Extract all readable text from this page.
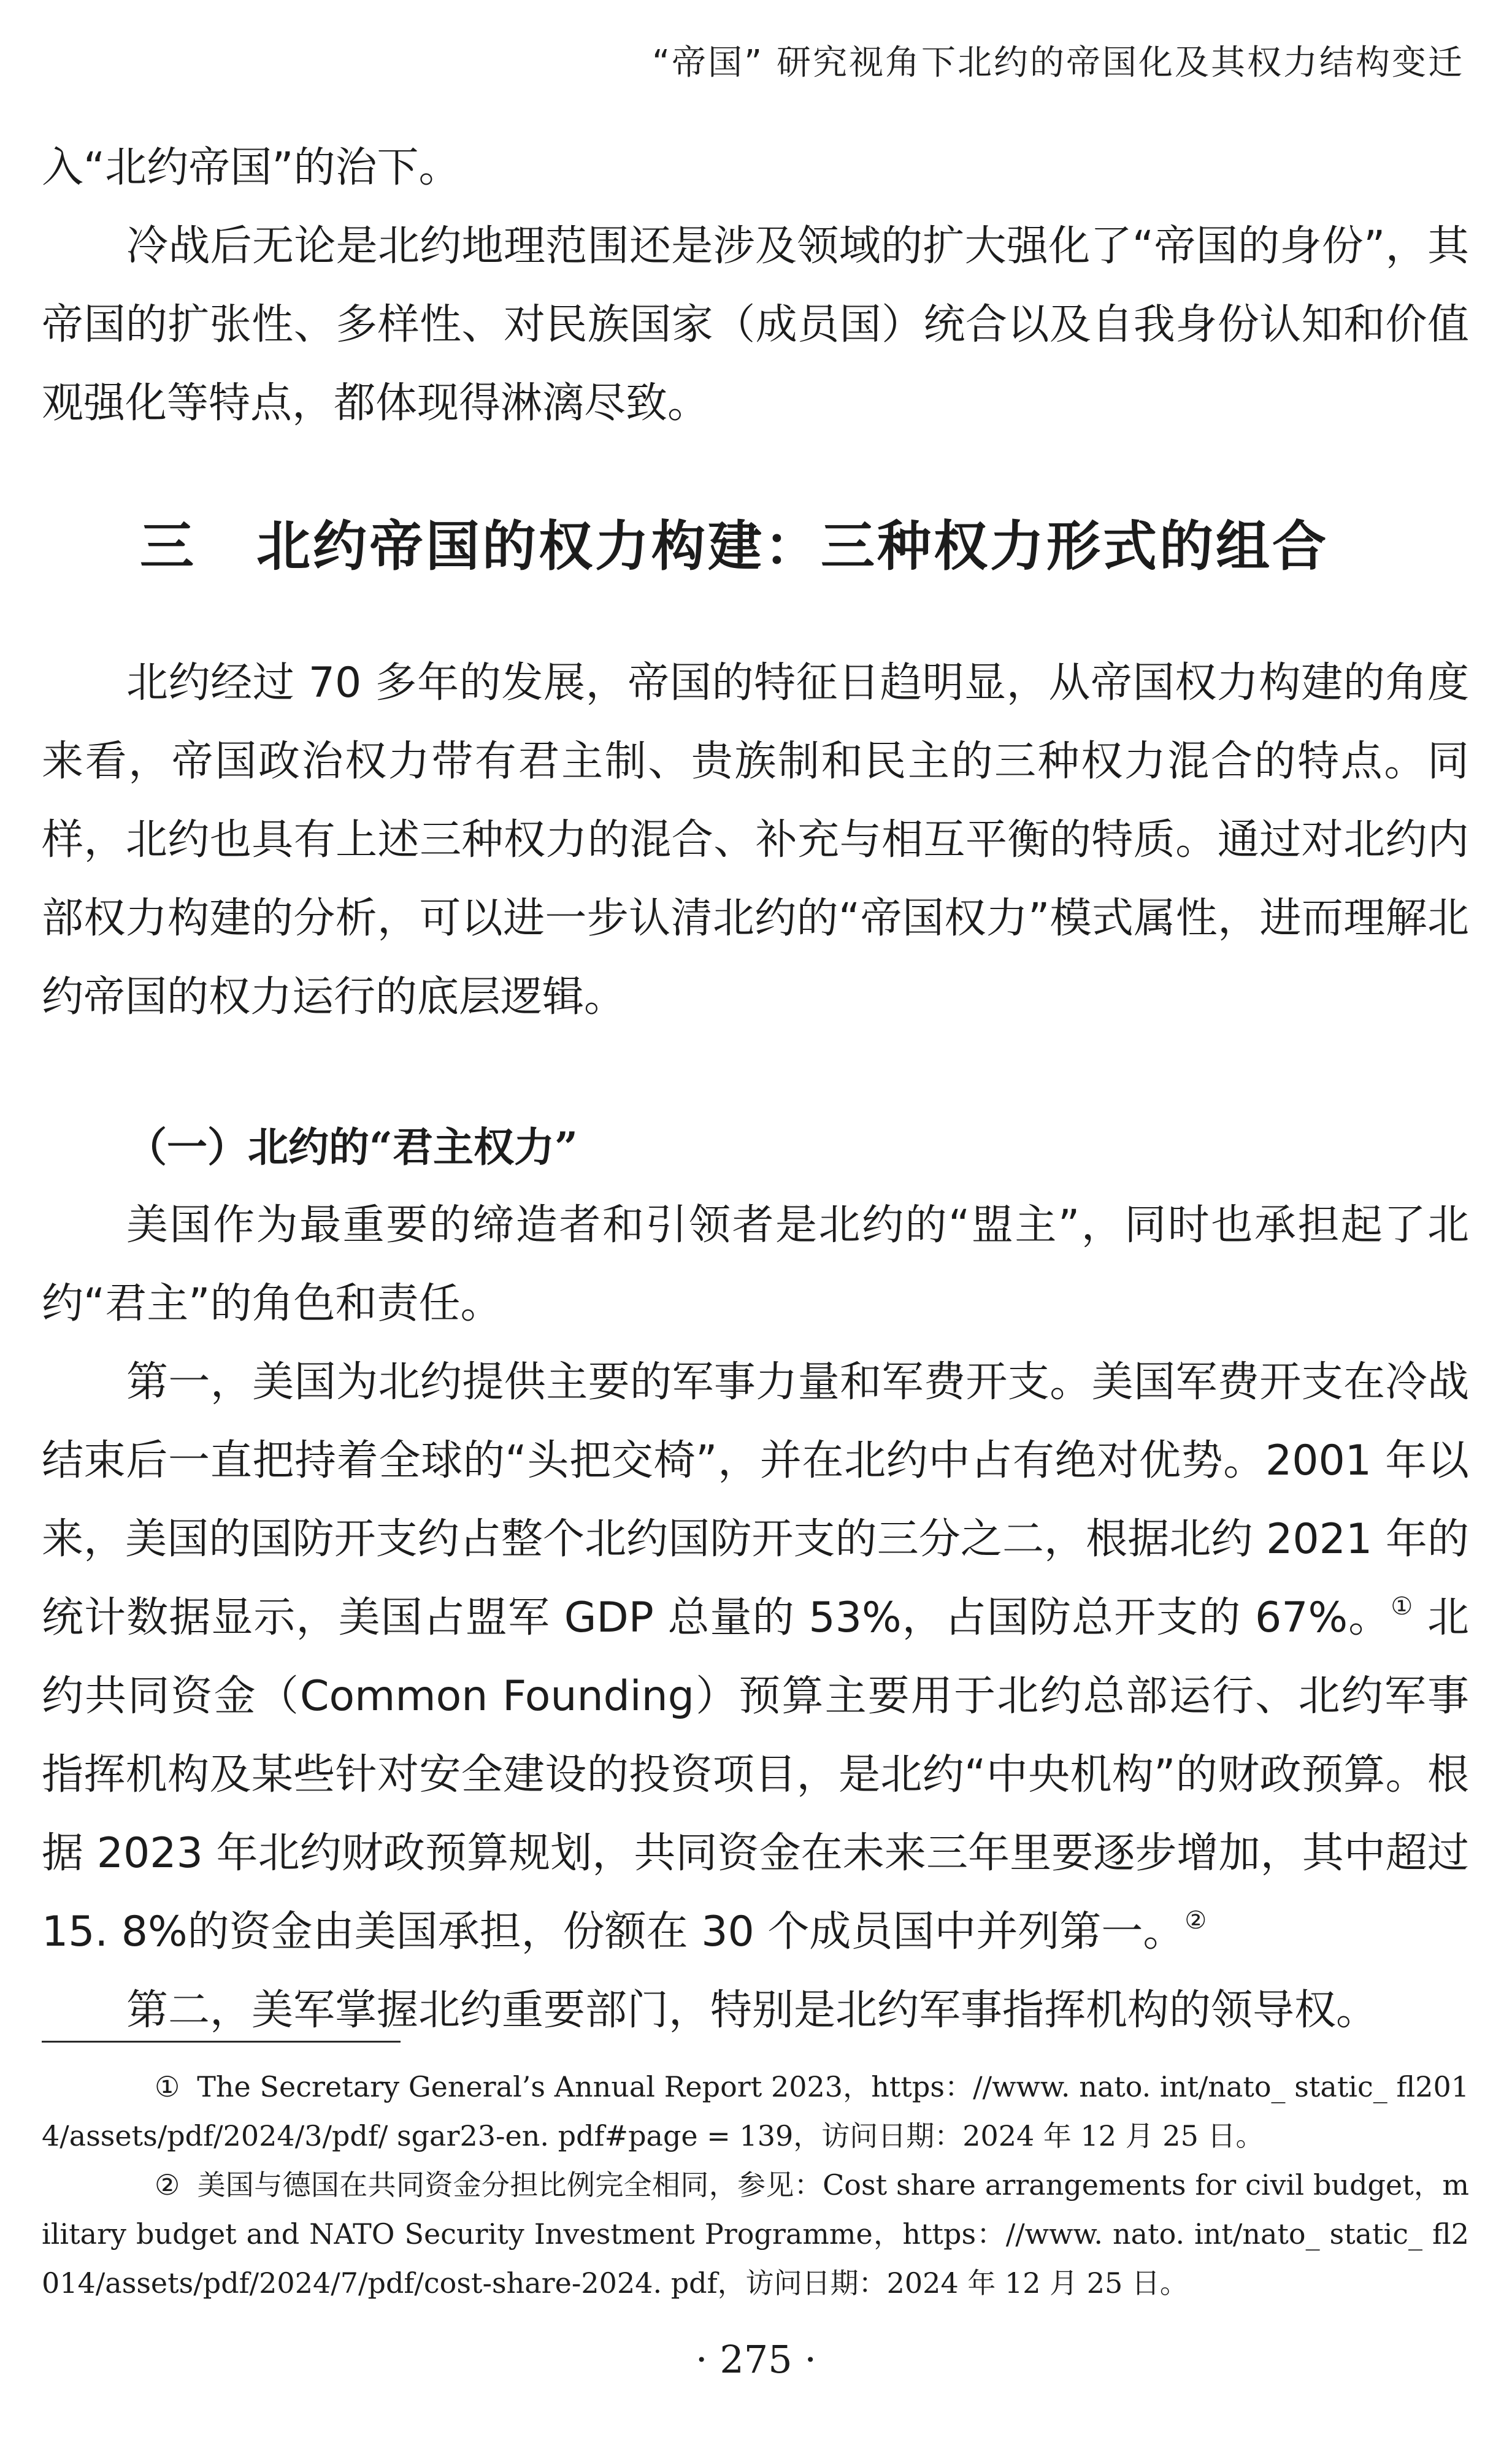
“帝国” 研究视角下北约的帝国化及其权力结构变迁

入“北约帝国”的治下。

冷战后无论是北约地理范围还是涉及领域的扩大强化了“帝国的身份”，其帝国的扩张性、多样性、对民族国家（成员国）统合以及自我身份认知和价值观强化等特点，都体现得淋漓尽致。

三 北约帝国的权力构建：三种权力形式的组合

北约经过 70 多年的发展，帝国的特征日趋明显，从帝国权力构建的角度来看，帝国政治权力带有君主制、贵族制和民主的三种权力混合的特点。同样，北约也具有上述三种权力的混合、补充与相互平衡的特质。通过对北约内部权力构建的分析，可以进一步认清北约的“帝国权力”模式属性，进而理解北约帝国的权力运行的底层逻辑。

（一）北约的“君主权力”

美国作为最重要的缔造者和引领者是北约的“盟主”，同时也承担起了北约“君主”的角色和责任。

第一，美国为北约提供主要的军事力量和军费开支。美国军费开支在冷战结束后一直把持着全球的“头把交椅”，并在北约中占有绝对优势。2001 年以来，美国的国防开支约占整个北约国防开支的三分之二，根据北约 2021 年的统计数据显示，美国占盟军 GDP 总量的 53%，占国防总开支的 67%。① 北约共同资金（Common Founding）预算主要用于北约总部运行、北约军事指挥机构及某些针对安全建设的投资项目，是北约“中央机构”的财政预算。根据 2023 年北约财政预算规划，共同资金在未来三年里要逐步增加，其中超过 15. 8%的资金由美国承担，份额在 30 个成员国中并列第一。②

第二，美军掌握北约重要部门，特别是北约军事指挥机构的领导权。

① The Secretary General’s Annual Report 2023，https：//www. nato. int/nato_ static_ fl2014/assets/pdf/2024/3/pdf/ sgar23-en. pdf#page = 139，访问日期：2024 年 12 月 25 日。

② 美国与德国在共同资金分担比例完全相同，参见：Cost share arrangements for civil budget，military budget and NATO Security Investment Programme，https：//www. nato. int/nato_ static_ fl2014/assets/pdf/2024/7/pdf/cost-share-2024. pdf，访问日期：2024 年 12 月 25 日。

· 275 ·
